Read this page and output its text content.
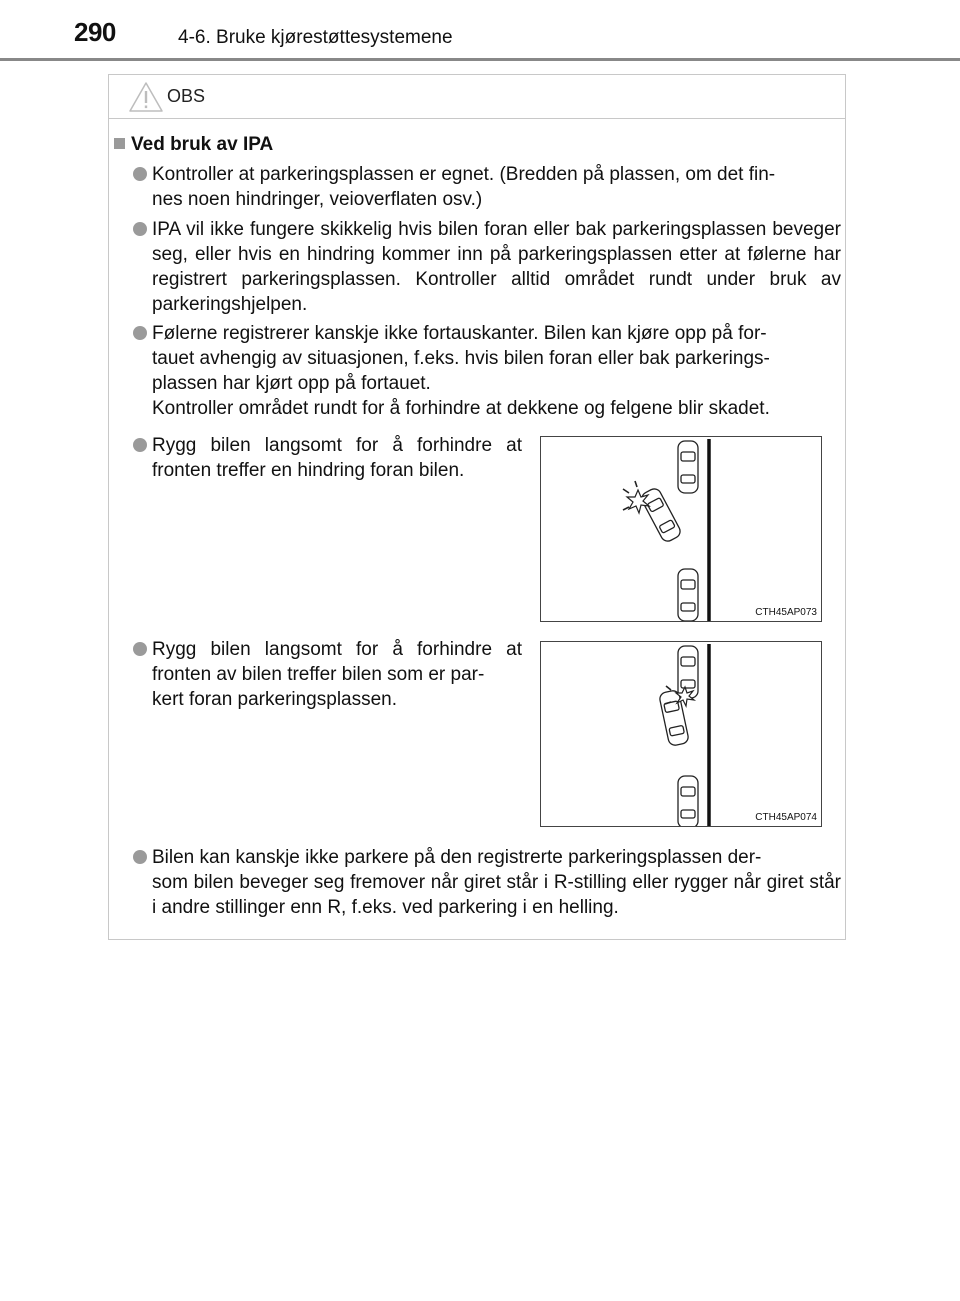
290	4-6. Bruke kjørestøttesystemene
OBS
Ved bruk av IPA
Kontroller at parkeringsplassen er egnet. (Bredden på plassen, om det fin-
nes noen hindringer, veioverflaten osv.)
IPA vil ikke fungere skikkelig hvis bilen foran eller bak parkeringsplassen beveger seg, eller hvis en hindring kommer inn på parkeringsplassen etter at følerne har registrert parkeringsplassen. Kontroller alltid området rundt under bruk av parkeringshjelpen.
Følerne registrerer kanskje ikke fortauskanter. Bilen kan kjøre opp på for-
tauet avhengig av situasjonen, f.eks. hvis bilen foran eller bak parkerings-
plassen har kjørt opp på fortauet.
Kontroller området rundt for å forhindre at dekkene og felgene blir skadet.
Rygg bilen langsomt for å forhindre at fronten treffer en hindring foran bilen.
CTH45AP073
Rygg bilen langsomt for å forhindre at fronten av bilen treffer bilen som er par-
kert foran parkeringsplassen.
CTH45AP074
Bilen kan kanskje ikke parkere på den registrerte parkeringsplassen der-
som bilen beveger seg fremover når giret står i R-stilling eller rygger når giret står i andre stillinger enn R, f.eks. ved parkering i en helling.
